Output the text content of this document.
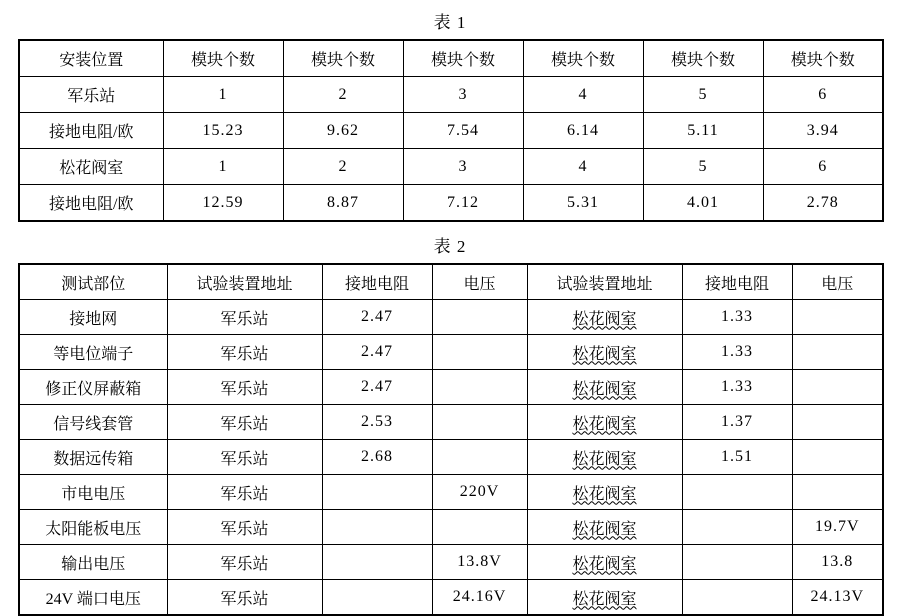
表 1
安装位置	模块个数	模块个数	模块个数	模块个数	模块个数	模块个数
军乐站	1	2	3	4	5	6
接地电阻/欧	15.23	9.62	7.54	6.14	5.11	3.94
松花阀室	1	2	3	4	5	6
接地电阻/欧	12.59	8.87	7.12	5.31	4.01	2.78
表 2
测试部位	试验装置地址	接地电阻	电压	试验装置地址	接地电阻	电压
接地网	军乐站	2.47		松花阀室	1.33	
等电位端子	军乐站	2.47		松花阀室	1.33	
修正仪屏蔽箱	军乐站	2.47		松花阀室	1.33	
信号线套管	军乐站	2.53		松花阀室	1.37	
数据远传箱	军乐站	2.68		松花阀室	1.51	
市电电压	军乐站		220V	松花阀室		
太阳能板电压	军乐站			松花阀室		19.7V
输出电压	军乐站		13.8V	松花阀室		13.8
24V 端口电压	军乐站		24.16V	松花阀室		24.13V
